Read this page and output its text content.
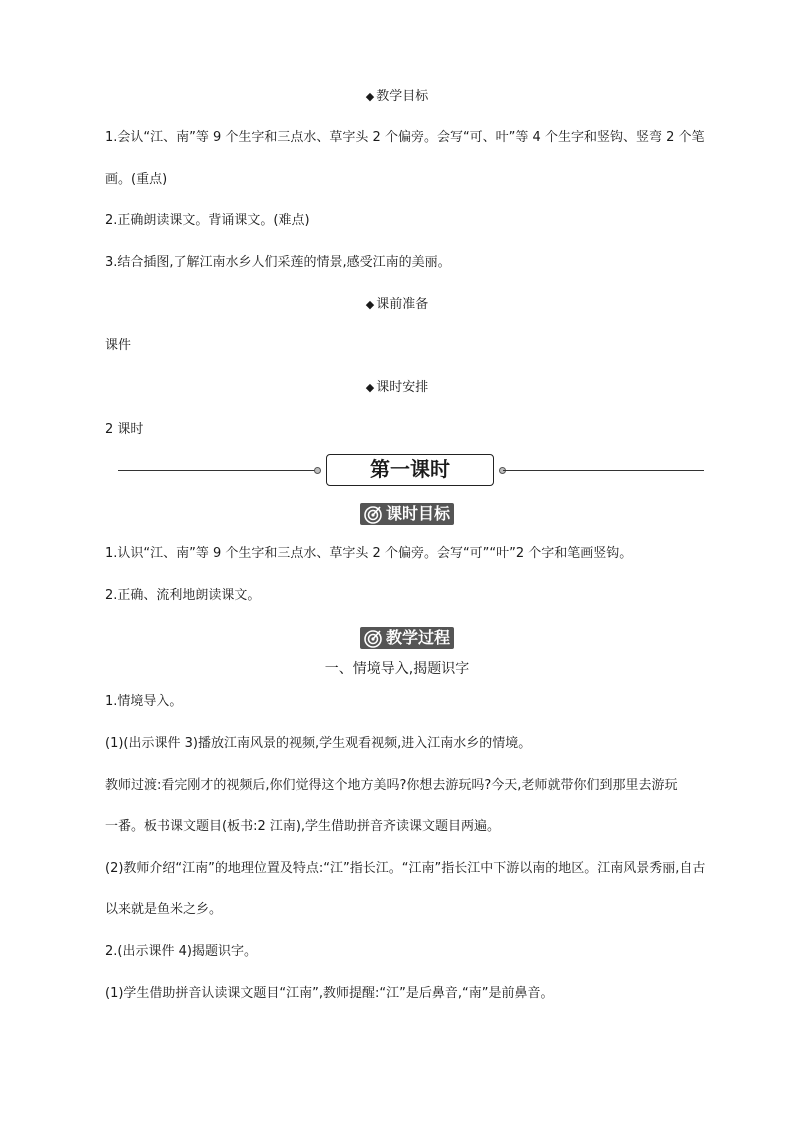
◆ 教学目标
1.会认“江、南”等 9 个生字和三点水、草字头 2 个偏旁。会写“可、叶”等 4 个生字和竖钩、竖弯 2 个笔
画。(重点)
2.正确朗读课文。背诵课文。(难点)
3.结合插图,了解江南水乡人们采莲的情景,感受江南的美丽。
◆ 课前准备
课件
◆ 课时安排
2 课时
第一课时
课时目标
1.认识“江、南”等 9 个生字和三点水、草字头 2 个偏旁。会写“可”“叶”2 个字和笔画竖钩。
2.正确、流利地朗读课文。
教学过程
一、情境导入,揭题识字
1.情境导入。
(1)(出示课件 3)播放江南风景的视频,学生观看视频,进入江南水乡的情境。
教师过渡:看完刚才的视频后,你们觉得这个地方美吗?你想去游玩吗?今天,老师就带你们到那里去游玩
一番。板书课文题目(板书:2 江南),学生借助拼音齐读课文题目两遍。
(2)教师介绍“江南”的地理位置及特点:“江”指长江。“江南”指长江中下游以南的地区。江南风景秀丽,自古
以来就是鱼米之乡。
2.(出示课件 4)揭题识字。
(1)学生借助拼音认读课文题目“江南”,教师提醒:“江”是后鼻音,“南”是前鼻音。
